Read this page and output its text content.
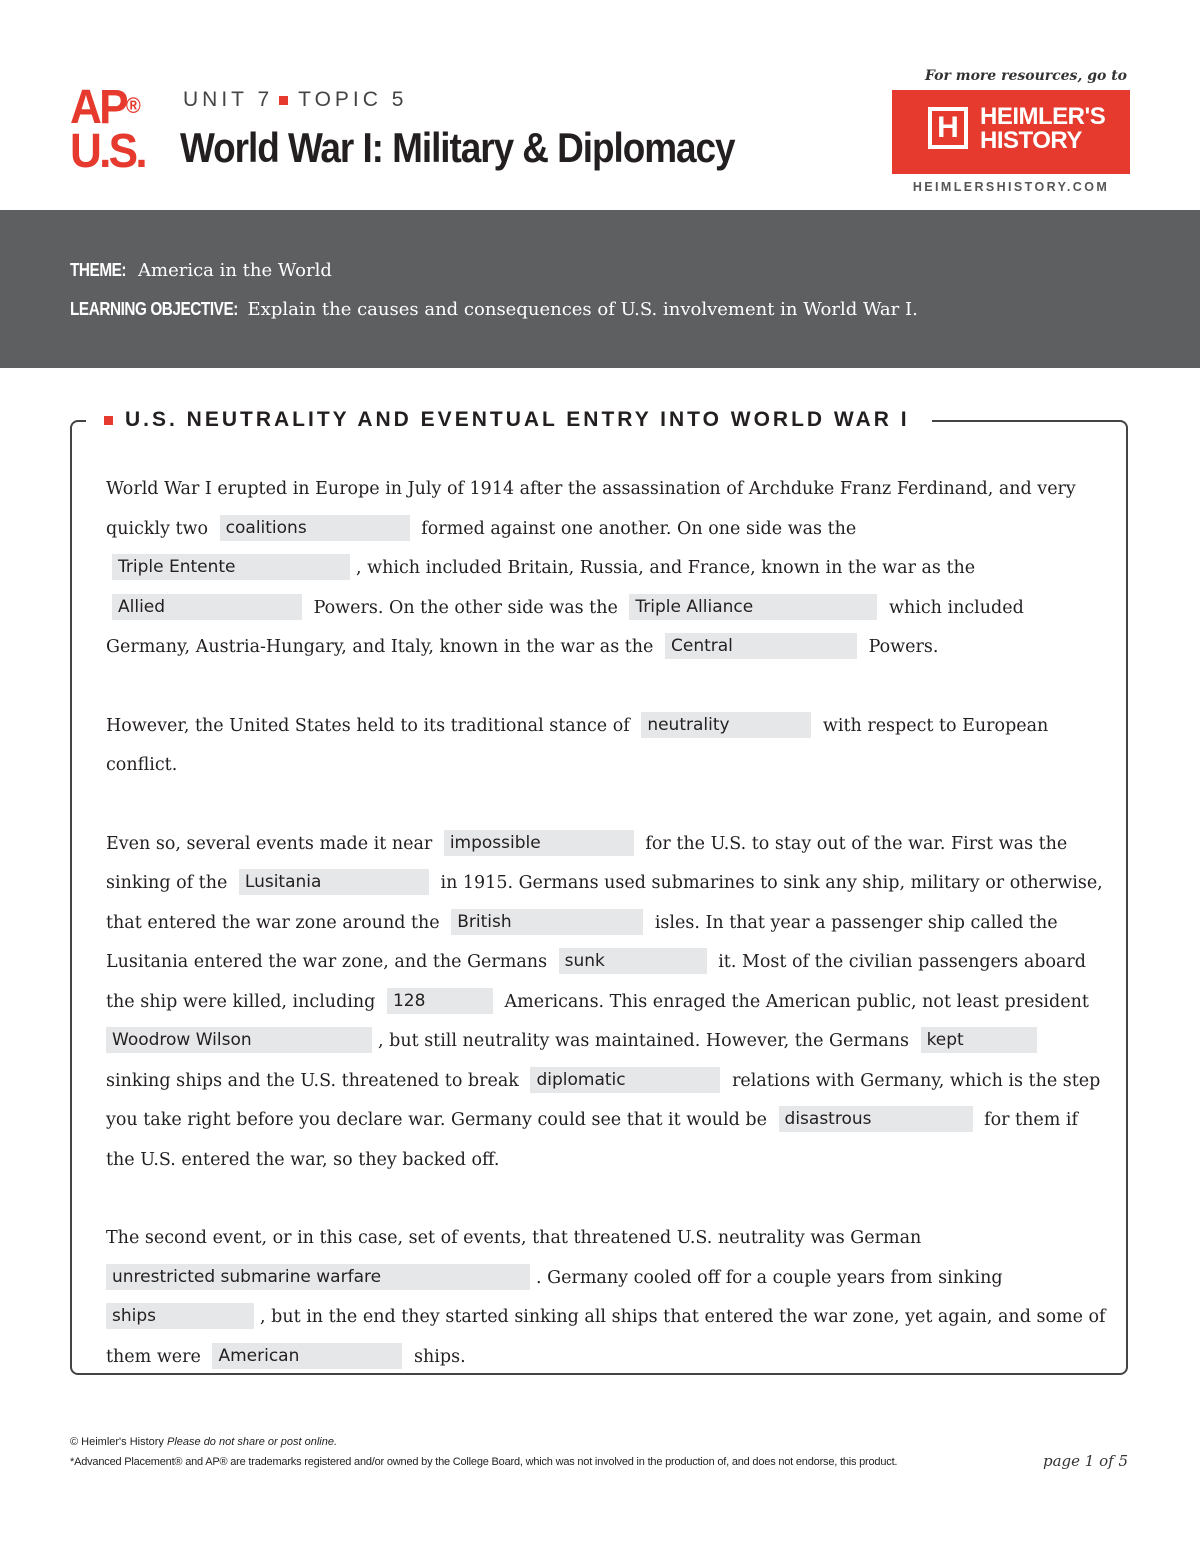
AP®
U.S.
UNIT 7 TOPIC 5
World War I: Military & Diplomacy
For more resources, go to
H HEIMLER'S
HISTORY
HEIMLERSHISTORY.COM
THEME: America in the World
LEARNING OBJECTIVE: Explain the causes and consequences of U.S. involvement in World War I.
U.S. NEUTRALITY AND EVENTUAL ENTRY INTO WORLD WAR I

World War I erupted in Europe in July of 1914 after the assassination of Archduke Franz Ferdinand, and very quickly two coalitions	formed against one another. On one side was the Triple Entente	, which included Britain, Russia, and France, known in the war as the Allied	Powers. On the other side was the Triple Alliance	which included Germany, Austria-Hungary, and Italy, known in the war as the Central	Powers.

However, the United States held to its traditional stance of neutrality	with respect to European conflict.

Even so, several events made it near impossible	for the U.S. to stay out of the war. First was the sinking of the Lusitania	in 1915. Germans used submarines to sink any ship, military or otherwise, that entered the war zone around the British	isles. In that year a passenger ship called the Lusitania entered the war zone, and the Germans sunk	it. Most of the civilian passengers aboard the ship were killed, including 128	Americans. This enraged the American public, not least president Woodrow Wilson	, but still neutrality was maintained. However, the Germans kept sinking ships and the U.S. threatened to break diplomatic	relations with Germany, which is the step you take right before you declare war. Germany could see that it would be disastrous	for them if the U.S. entered the war, so they backed off.

The second event, or in this case, set of events, that threatened U.S. neutrality was German unrestricted submarine warfare	. Germany cooled off for a couple years from sinking ships	, but in the end they started sinking all ships that entered the war zone, yet again, and some of them were American	ships.

© Heimler's History Please do not share or post online.
*Advanced Placement® and AP® are trademarks registered and/or owned by the College Board, which was not involved in the production of, and does not endorse, this product.	page 1 of 5
